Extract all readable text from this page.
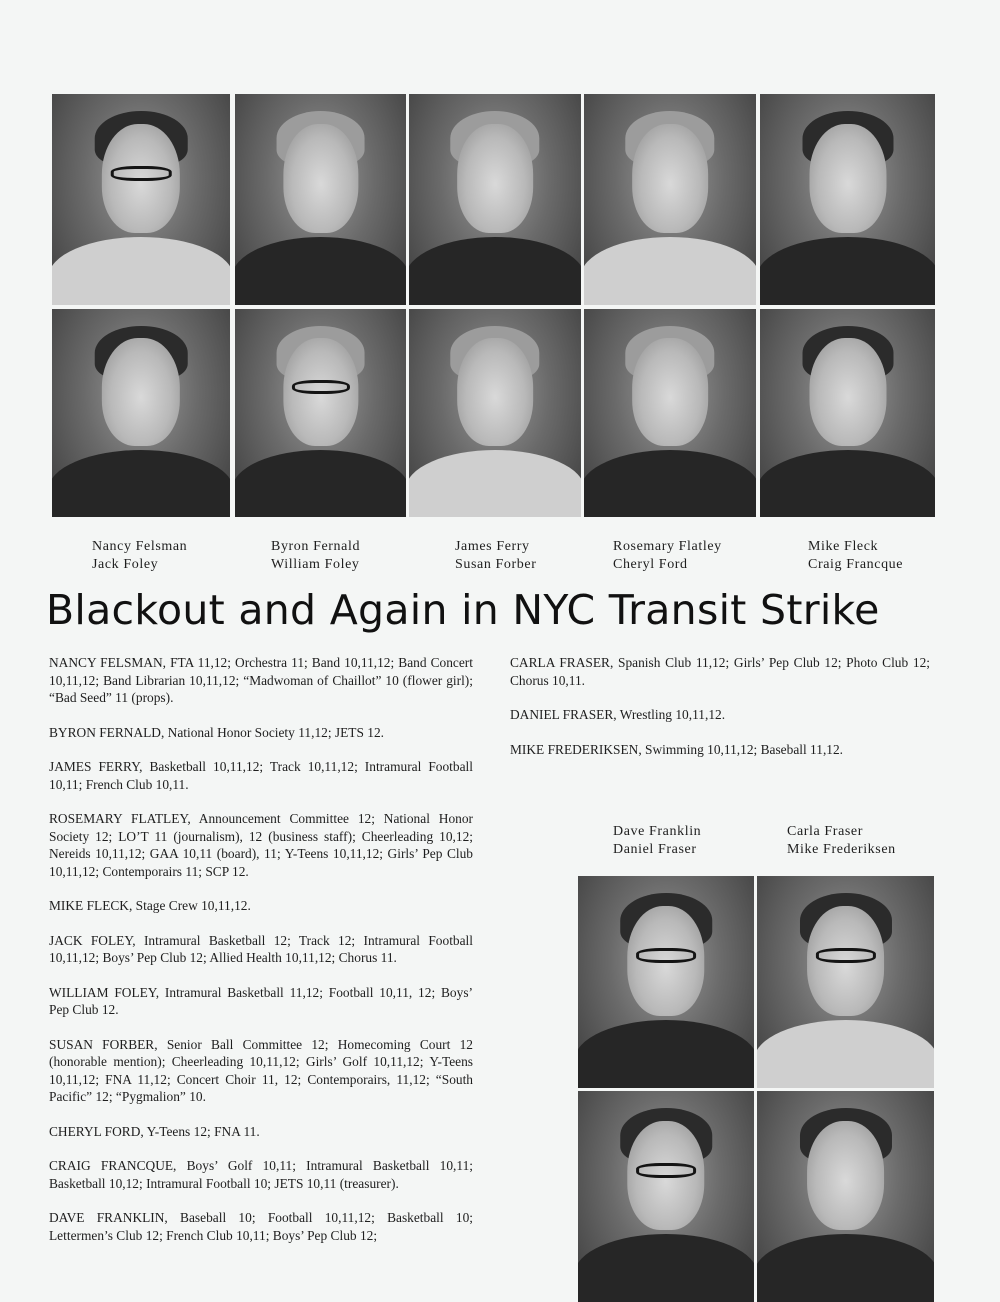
Nancy Felsman
Jack Foley
Byron Fernald
William Foley
James Ferry
Susan Forber
Rosemary Flatley
Cheryl Ford
Mike Fleck
Craig Francque
Blackout and Again in NYC Transit Strike

NANCY FELSMAN, FTA 11,12; Orchestra 11; Band 10,11,12; Band Concert 10,11,12; Band Librarian 10,11,12; “Madwoman of Chaillot” 10 (flower girl); “Bad Seed” 11 (props).

BYRON FERNALD, National Honor Society 11,12; JETS 12.

JAMES FERRY, Basketball 10,11,12; Track 10,11,12; Intramural Football 10,11; French Club 10,11.

ROSEMARY FLATLEY, Announcement Committee 12; National Honor Society 12; LO’T 11 (journalism), 12 (business staff); Cheerleading 10,12; Nereids 10,11,12; GAA 10,11 (board), 11; Y-Teens 10,11,12; Girls’ Pep Club 10,11,12; Contemporairs 11; SCP 12.

MIKE FLECK, Stage Crew 10,11,12.

JACK FOLEY, Intramural Basketball 12; Track 12; Intramural Football 10,11,12; Boys’ Pep Club 12; Allied Health 10,11,12; Chorus 11.

WILLIAM FOLEY, Intramural Basketball 11,12; Football 10,11, 12; Boys’ Pep Club 12.

SUSAN FORBER, Senior Ball Committee 12; Homecoming Court 12 (honorable mention); Cheerleading 10,11,12; Girls’ Golf 10,11,12; Y-Teens 10,11,12; FNA 11,12; Concert Choir 11, 12; Contemporairs, 11,12; “South Pacific” 12; “Pygmalion” 10.

CHERYL FORD, Y-Teens 12; FNA 11.

CRAIG FRANCQUE, Boys’ Golf 10,11; Intramural Basketball 10,11; Basketball 10,12; Intramural Football 10; JETS 10,11 (treasurer).

DAVE FRANKLIN, Baseball 10; Football 10,11,12; Basketball 10; Lettermen’s Club 12; French Club 10,11; Boys’ Pep Club 12;

CARLA FRASER, Spanish Club 11,12; Girls’ Pep Club 12; Photo Club 12; Chorus 10,11.

DANIEL FRASER, Wrestling 10,11,12.

MIKE FREDERIKSEN, Swimming 10,11,12; Baseball 11,12.

Dave Franklin
Daniel Fraser
Carla Fraser
Mike Frederiksen
